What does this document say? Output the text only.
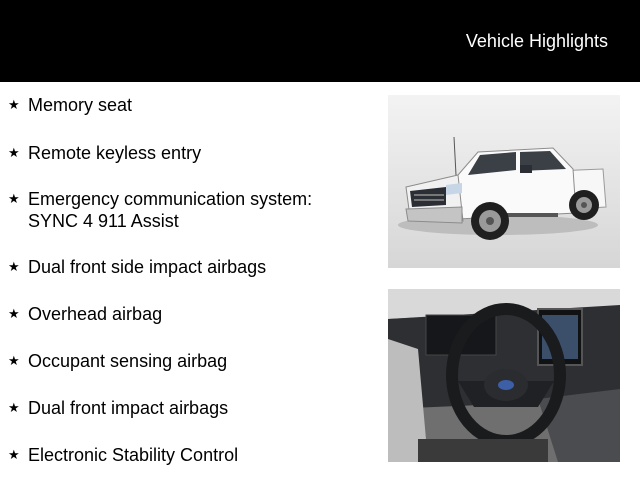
Vehicle Highlights
★ Memory seat
★ Remote keyless entry
★ Emergency communication system:
SYNC 4 911 Assist
★ Dual front side impact airbags
★ Overhead airbag
★ Occupant sensing airbag
★ Dual front impact airbags
★ Electronic Stability Control
